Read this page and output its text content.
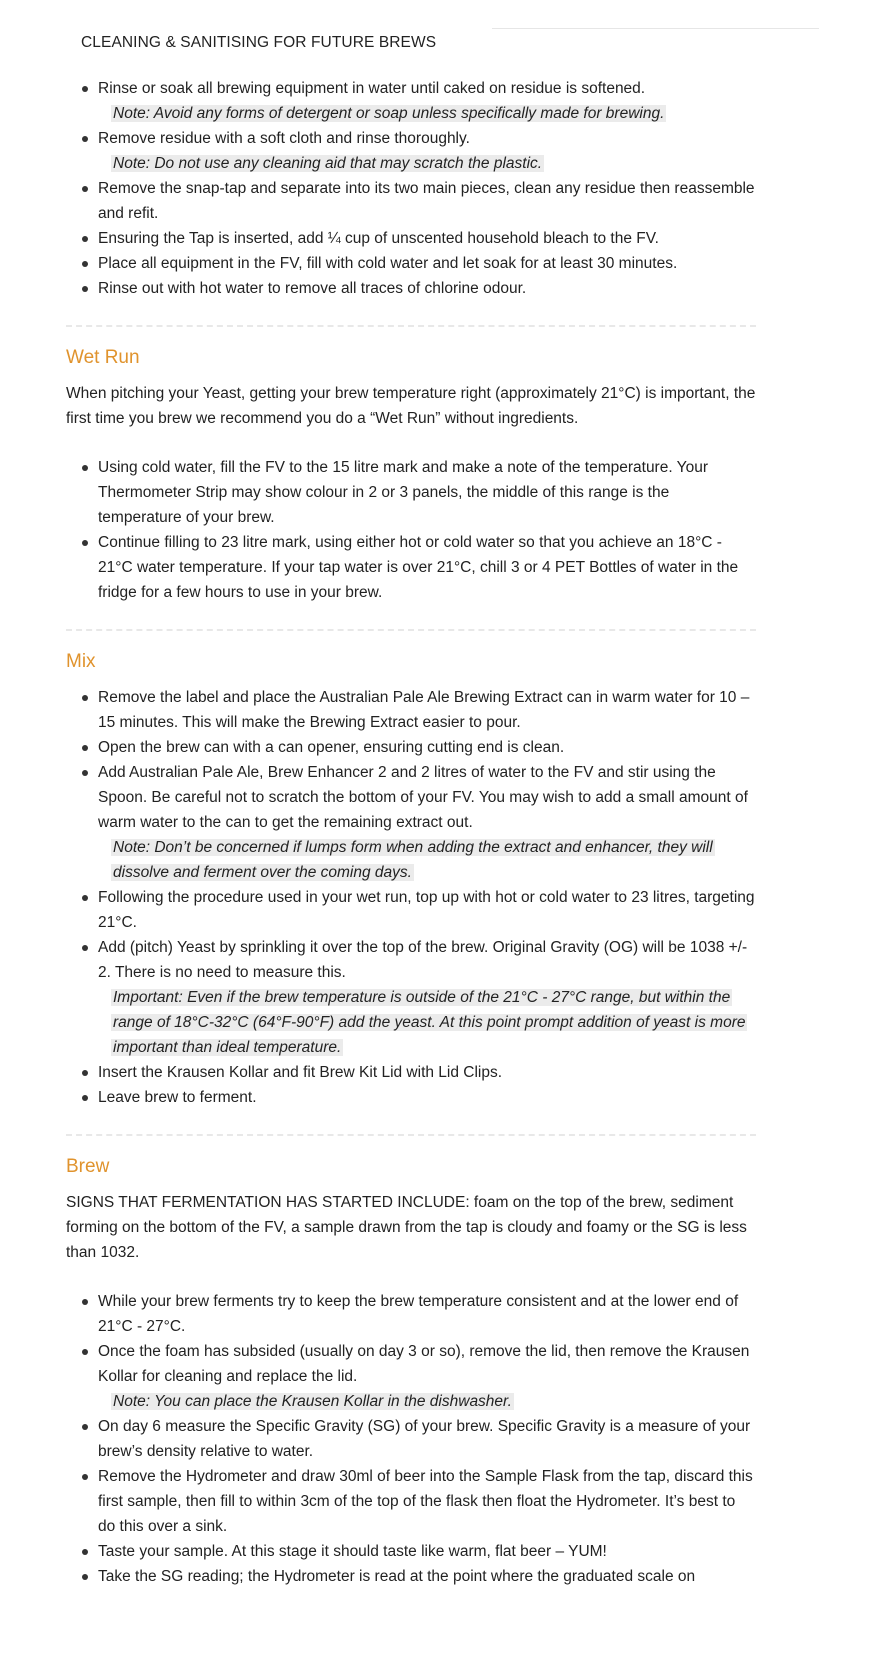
CLEANING & SANITISING FOR FUTURE BREWS
Rinse or soak all brewing equipment in water until caked on residue is softened.
Note: Avoid any forms of detergent or soap unless specifically made for brewing.
Remove residue with a soft cloth and rinse thoroughly.
Note: Do not use any cleaning aid that may scratch the plastic.
Remove the snap-tap and separate into its two main pieces, clean any residue then reassemble and refit.
Ensuring the Tap is inserted, add ¼ cup of unscented household bleach to the FV.
Place all equipment in the FV, fill with cold water and let soak for at least 30 minutes.
Rinse out with hot water to remove all traces of chlorine odour.
Wet Run

When pitching your Yeast, getting your brew temperature right (approximately 21°C) is important, the first time you brew we recommend you do a “Wet Run” without ingredients.

Using cold water, fill the FV to the 15 litre mark and make a note of the temperature. Your Thermometer Strip may show colour in 2 or 3 panels, the middle of this range is the temperature of your brew.
Continue filling to 23 litre mark, using either hot or cold water so that you achieve an 18°C - 21°C water temperature. If your tap water is over 21°C, chill 3 or 4 PET Bottles of water in the fridge for a few hours to use in your brew.
Mix
Remove the label and place the Australian Pale Ale Brewing Extract can in warm water for 10 – 15 minutes. This will make the Brewing Extract easier to pour.
Open the brew can with a can opener, ensuring cutting end is clean.
Add Australian Pale Ale, Brew Enhancer 2 and 2 litres of water to the FV and stir using the Spoon. Be careful not to scratch the bottom of your FV. You may wish to add a small amount of warm water to the can to get the remaining extract out.
Note: Don’t be concerned if lumps form when adding the extract and enhancer, they will dissolve and ferment over the coming days.
Following the procedure used in your wet run, top up with hot or cold water to 23 litres, targeting 21°C.
Add (pitch) Yeast by sprinkling it over the top of the brew. Original Gravity (OG) will be 1038 +/- 2. There is no need to measure this.
Important: Even if the brew temperature is outside of the 21°C - 27°C range, but within the range of 18°C-32°C (64°F-90°F) add the yeast. At this point prompt addition of yeast is more important than ideal temperature.
Insert the Krausen Kollar and fit Brew Kit Lid with Lid Clips.
Leave brew to ferment.
Brew

SIGNS THAT FERMENTATION HAS STARTED INCLUDE: foam on the top of the brew, sediment forming on the bottom of the FV, a sample drawn from the tap is cloudy and foamy or the SG is less than 1032.

While your brew ferments try to keep the brew temperature consistent and at the lower end of 21°C - 27°C.
Once the foam has subsided (usually on day 3 or so), remove the lid, then remove the Krausen Kollar for cleaning and replace the lid.
Note: You can place the Krausen Kollar in the dishwasher.
On day 6 measure the Specific Gravity (SG) of your brew. Specific Gravity is a measure of your brew’s density relative to water.
Remove the Hydrometer and draw 30ml of beer into the Sample Flask from the tap, discard this first sample, then fill to within 3cm of the top of the flask then float the Hydrometer. It’s best to do this over a sink.
Taste your sample. At this stage it should taste like warm, flat beer – YUM!
Take the SG reading; the Hydrometer is read at the point where the graduated scale on
